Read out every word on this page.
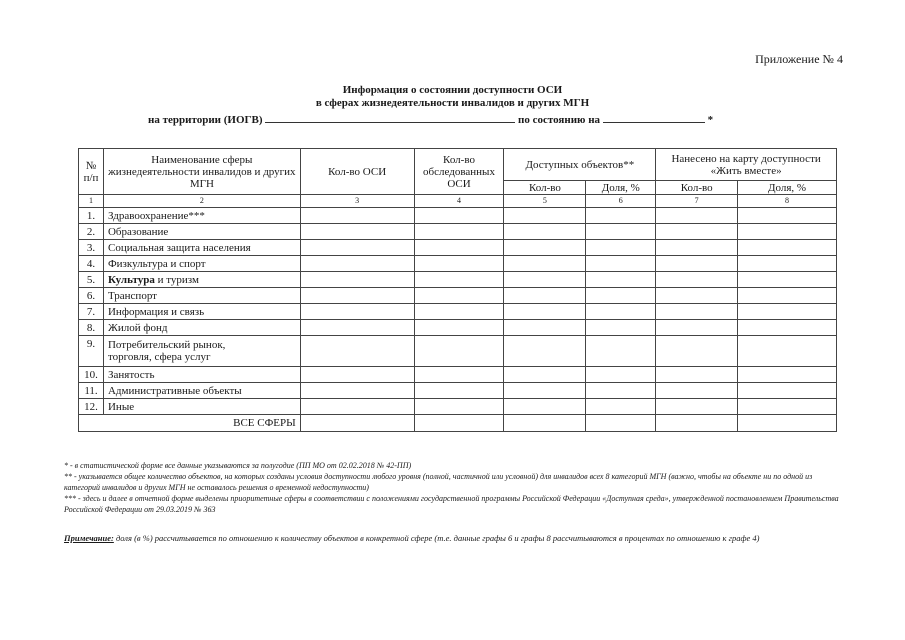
Приложение № 4
Информация о состоянии доступности ОСИ
в сферах жизнедеятельности инвалидов и других МГН
на территории (ИОГВ)	по состоянию на	*
№ п/п	Наименование сферы жизнедеятельности инвалидов и других МГН	Кол-во ОСИ	Кол-во обследованных ОСИ	Доступных объектов**		Нанесено на карту доступности «Жить вместе»	
				Кол-во	Доля, %	Кол-во	Доля, %
1	2	3	4	5	6	7	8
1.	Здравоохранение***						
2.	Образование						
3.	Социальная защита населения						
4.	Физкультура и спорт						
5.	Культура и туризм						
6.	Транспорт						
7.	Информация и связь						
8.	Жилой фонд						
9.	Потребительский рынок,
торговля, сфера услуг						

10.	Занятость						
11.	Административные объекты						
12.	Иные						
ВСЕ СФЕРЫ							

* - в статистической форме все данные указываются за полугодие (ПП МО от 02.02.2018 № 42-ПП)

** - указывается общее количество объектов, на которых созданы условия доступности любого уровня (полной, частичной или условной) для инвалидов всех 8 категорий МГН (важно, чтобы на объекте ни по одной из категорий инвалидов и других МГН не оставалось решения о временной недоступности)

*** - здесь и далее в отчетной форме выделены приоритетные сферы в соответствии с положениями государственной программы Российской Федерации «Доступная среда», утвержденной постановлением Правительства Российской Федерации от 29.03.2019 № 363

Примечание: доля (в %) рассчитывается по отношению к количеству объектов в конкретной сфере (т.е. данные графы 6 и графы 8 рассчитываются в процентах по отношению к графе 4)
